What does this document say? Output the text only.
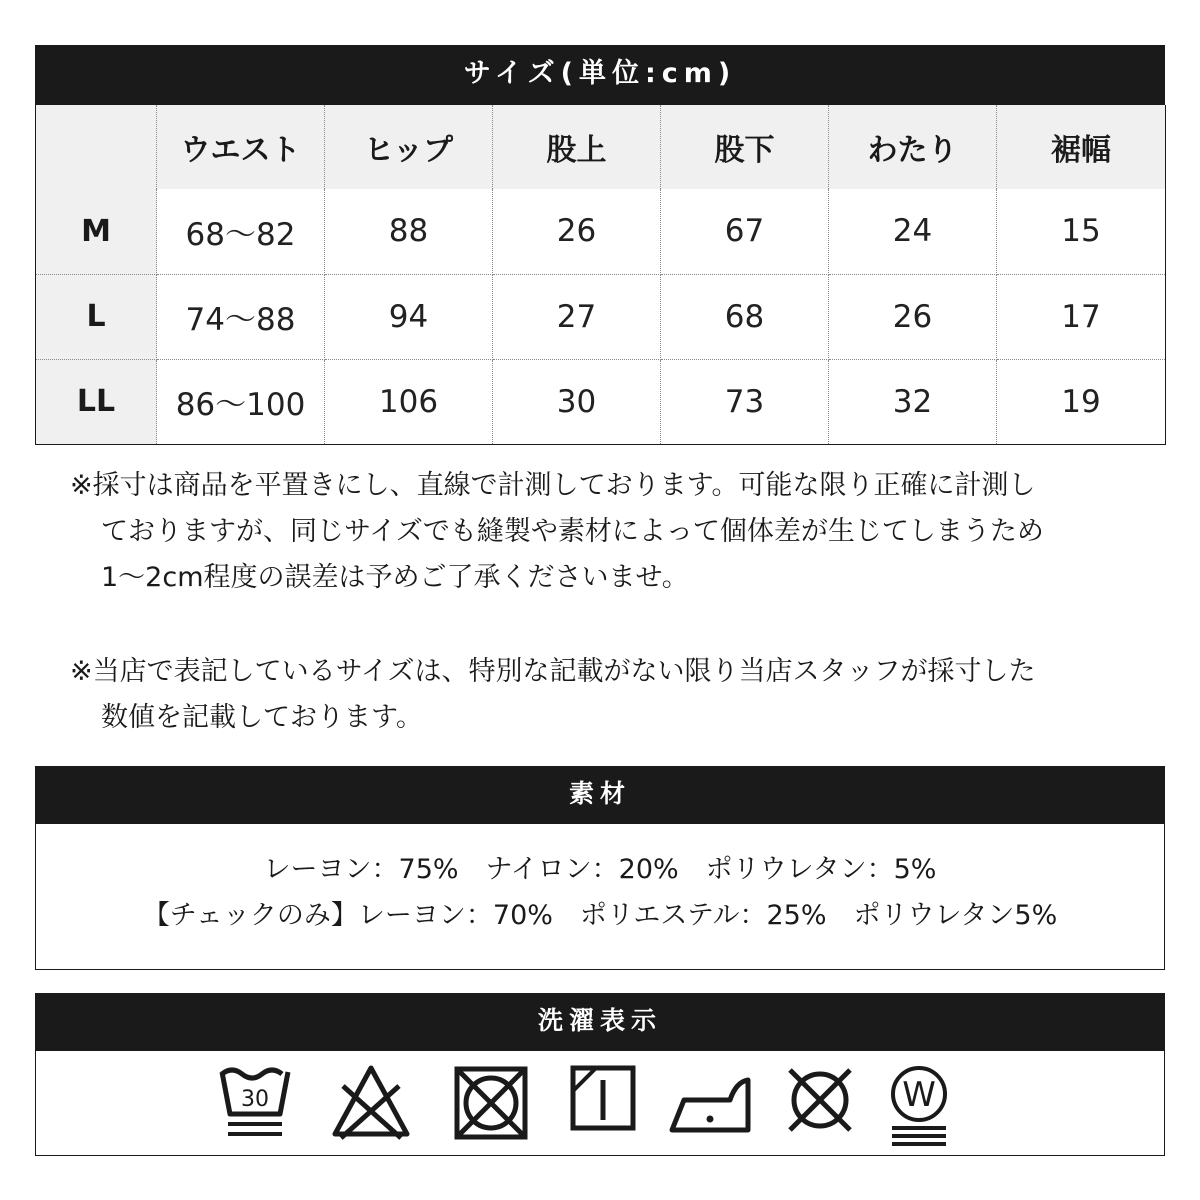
サイズ(単位:cm)
	ウエスト	ヒップ	股上	股下	わたり	裾幅
M	68〜82	88	26	67	24	15
L	74〜88	94	27	68	26	17
LL	86〜100	106	30	73	32	19
※採寸は商品を平置きにし、直線で計測しております。可能な限り正確に計測し
ておりますが、同じサイズでも縫製や素材によって個体差が生じてしまうため
1〜2cm程度の誤差は予めご了承くださいませ。
※当店で表記しているサイズは、特別な記載がない限り当店スタッフが採寸した
数値を記載しております。
素材
レーヨン：75%　ナイロン：20%　ポリウレタン：5%
【チェックのみ】レーヨン：70%　ポリエステル：25%　ポリウレタン5%
洗濯表示
30	W
